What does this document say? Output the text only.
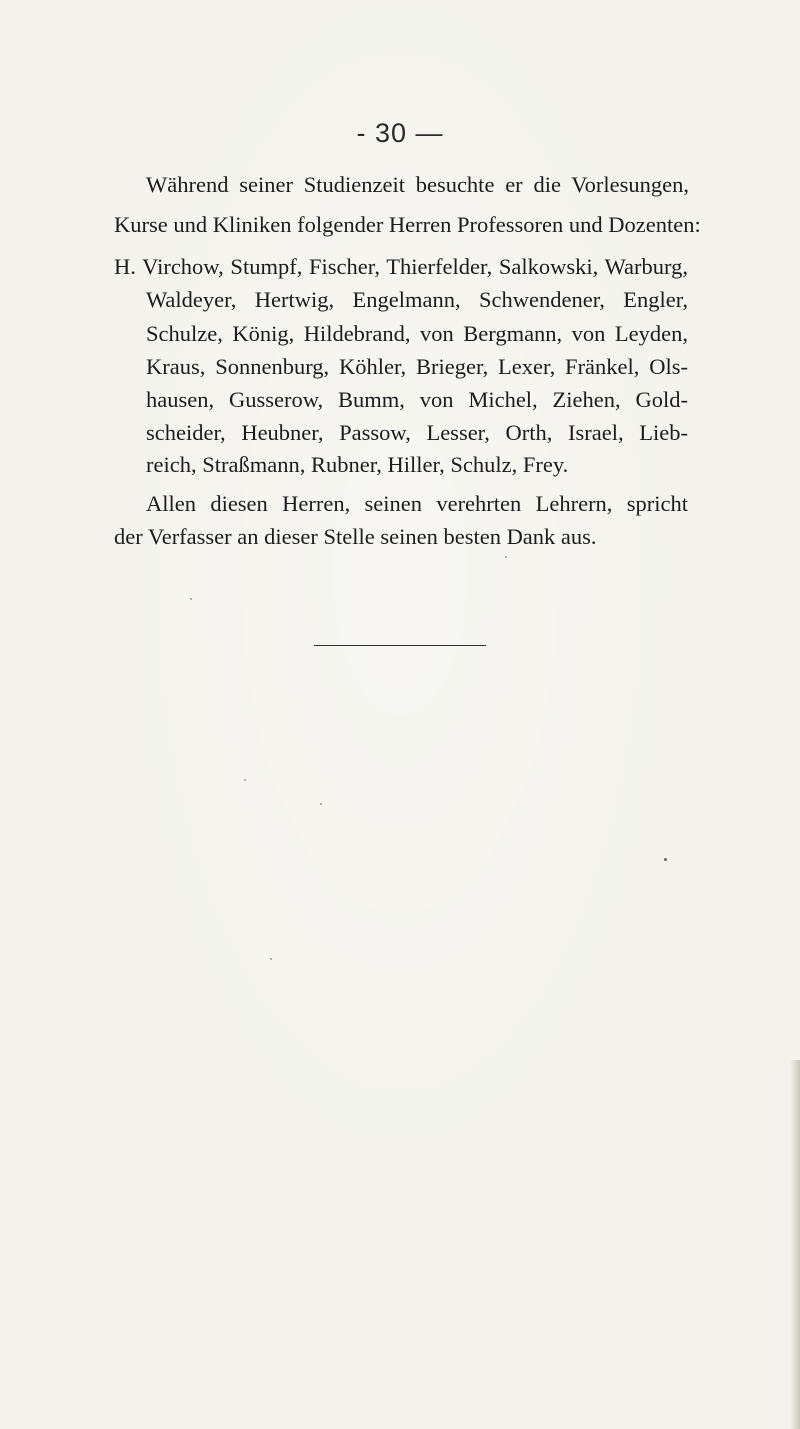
- 30 —
Während seiner Studienzeit besuchte er die Vorlesungen,
Kurse und Kliniken folgender Herren Professoren und Dozenten:
H. Virchow, Stumpf, Fischer, Thierfelder, Salkowski, Warburg,
Waldeyer, Hertwig, Engelmann, Schwendener, Engler,
Schulze, König, Hildebrand, von Bergmann, von Leyden,
Kraus, Sonnenburg, Köhler, Brieger, Lexer, Fränkel, Ols-
hausen, Gusserow, Bumm, von Michel, Ziehen, Gold-
scheider, Heubner, Passow, Lesser, Orth, Israel, Lieb-
reich, Straßmann, Rubner, Hiller, Schulz, Frey.
Allen diesen Herren, seinen verehrten Lehrern, spricht
der Verfasser an dieser Stelle seinen besten Dank aus.
